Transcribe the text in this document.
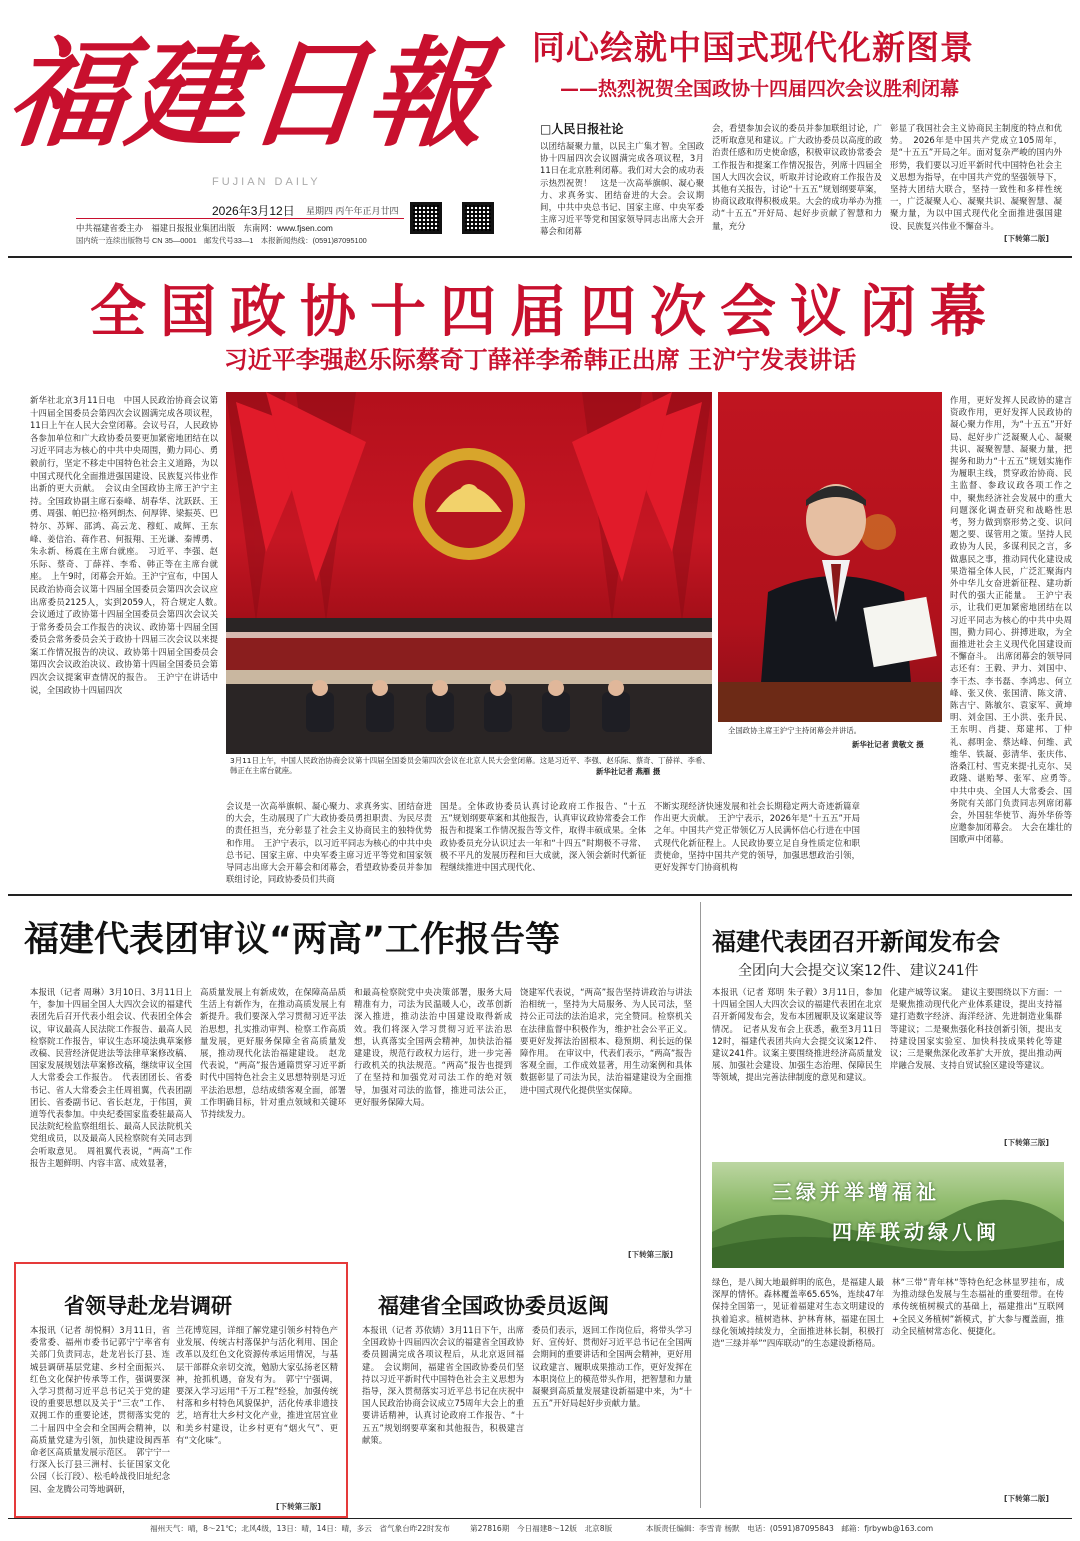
福建日報
FUJIAN DAILY
2026年3月12日 星期四 丙午年正月廿四
中共福建省委主办　福建日报报业集团出版　东南网：www.fjsen.com
国内统一连续出版物号 CN 35—0001　邮发代号33—1　本报新闻热线：(0591)87095100
同心绘就中国式现代化新图景
——热烈祝贺全国政协十四届四次会议胜利闭幕
□人民日报社论
以团结凝聚力量，以民主广集才智。全国政协十四届四次会议圆满完成各项议程，3月11日在北京胜利闭幕。我们对大会的成功表示热烈祝贺！　这是一次高举旗帜、凝心聚力、求真务实、团结奋进的大会。会议期间，中共中央总书记、国家主席、中央军委主席习近平等党和国家领导同志出席大会开幕会和闭幕
会，看望参加会议的委员并参加联组讨论，广泛听取意见和建议。广大政协委员以高度的政治责任感和历史使命感，积极审议政协常委会工作报告和提案工作情况报告，列席十四届全国人大四次会议，听取并讨论政府工作报告及其他有关报告，讨论“十五五”规划纲要草案，协商议政取得积极成果。大会的成功举办为推动“十五五”开好局、起好步贡献了智慧和力量，充分
彰显了我国社会主义协商民主制度的特点和优势。　2026年是中国共产党成立105周年，是“十五五”开局之年。面对复杂严峻的国内外形势，我们要以习近平新时代中国特色社会主义思想为指导，在中国共产党的坚强领导下，坚持大团结大联合，坚持一致性和多样性统一，广泛凝聚人心、凝聚共识、凝聚智慧、凝聚力量，为以中国式现代化全面推进强国建设、民族复兴伟业不懈奋斗。
[下转第二版]
全国政协十四届四次会议闭幕
习近平李强赵乐际蔡奇丁薛祥李希韩正出席 王沪宁发表讲话
新华社北京3月11日电　中国人民政治协商会议第十四届全国委员会第四次会议圆满完成各项议程，11日上午在人民大会堂闭幕。会议号召，人民政协各参加单位和广大政协委员要更加紧密地团结在以习近平同志为核心的中共中央周围，勤力同心、勇毅前行，坚定不移走中国特色社会主义道路，为以中国式现代化全面推进强国建设、民族复兴伟业作出新的更大贡献。　会议由全国政协主席王沪宁主持。全国政协副主席石泰峰、胡春华、沈跃跃、王勇、周强、帕巴拉·格列朗杰、何厚铧、梁振英、巴特尔、苏辉、邵鸿、高云龙、穆虹、咸辉、王东峰、姜信治、蒋作君、何报翔、王光谦、秦博勇、朱永新、杨震在主席台就座。　习近平、李强、赵乐际、蔡奇、丁薛祥、李希、韩正等在主席台就座。　上午9时，闭幕会开始。王沪宁宣布，中国人民政治协商会议第十四届全国委员会第四次会议应出席委员2125人，实到2059人，符合规定人数。　会议通过了政协第十四届全国委员会第四次会议关于常务委员会工作报告的决议、政协第十四届全国委员会常务委员会关于政协十四届三次会议以来提案工作情况报告的决议、政协第十四届全国委员会第四次会议政治决议、政协第十四届全国委员会第四次会议提案审查情况的报告。　王沪宁在讲话中说，全国政协十四届四次
3月11日上午，中国人民政治协商会议第十四届全国委员会第四次会议在北京人民大会堂闭幕。这是习近平、李强、赵乐际、蔡奇、丁薛祥、李希、韩正在主席台就座。	新华社记者 燕雁 摄
全国政协主席王沪宁主持闭幕会并讲话。
新华社记者 黄敬文 摄
作用，更好发挥人民政协的建言资政作用，更好发挥人民政协的凝心聚力作用，为“十五五”开好局、起好步广泛凝聚人心、凝聚共识、凝聚智慧、凝聚力量，把握务和助力“十五五”规划实施作为履职主线，贯穿政治协商、民主监督、参政议政各项工作之中，聚焦经济社会发展中的重大问题深化调查研究和战略性思考，努力做到察形势之变、识问题之要、谋管用之策。坚持人民政协为人民，多谋利民之言，多做惠民之事，推动同代化建设成果造福全体人民，广泛汇聚海内外中华儿女奋进新征程、建功新时代的强大正能量。　王沪宁表示，让我们更加紧密地团结在以习近平同志为核心的中共中央周围，勤力同心、拼搏进取，为全面推进社会主义现代化国建设而不懈奋斗。　出席闭幕会的领导同志还有：王毅、尹力、刘国中、李干杰、李书磊、李鸿忠、何立峰、张又侠、张国清、陈文清、陈吉宁、陈敏尔、袁家军、黄坤明、刘金国、王小洪、张升民、王东明、肖捷、郑建邦、丁仲礼、郝明金、蔡达峰、何维、武维华、铁凝、彭清华、张庆伟、洛桑江村、雪克来提·扎克尔、吴政隆、谌贻琴、张军、应勇等。　中共中央、全国人大常委会、国务院有关部门负责同志列席闭幕会，外国驻华使节、海外华侨等应邀参加闭幕会。　大会在雄壮的国歌声中闭幕。
会议是一次高举旗帜、凝心聚力、求真务实、团结奋进的大会，生动展现了广大政协委员勇担职责、为民尽责的责任担当，充分彰显了社会主义协商民主的独特优势和作用。　王沪宁表示，以习近平同志为核心的中共中央总书记、国家主席、中央军委主席习近平等党和国家领导同志出席大会开幕会和闭幕会，看望政协委员并参加联组讨论，同政协委员们共商
国是。全体政协委员认真讨论政府工作报告、“十五五”规划纲要草案和其他报告，认真审议政协常委会工作报告和提案工作情况报告等文件，取得丰硕成果。全体政协委员充分认识过去一年和“十四五”时期极不寻常、极不平凡的发展历程和巨大成就，深入领会新时代新征程继续推进中国式现代化、
不断实现经济快速发展和社会长期稳定两大奇迹新篇章作出更大贡献。　王沪宁表示，2026年是“十五五”开局之年。中国共产党正带领亿万人民满怀信心行进在中国式现代化新征程上。人民政协要立足自身性质定位和职责使命，坚持中国共产党的领导，加强思想政治引领，更好发挥专门协商机构
福建代表团审议“两高”工作报告等
本报讯（记者 周琳）3月10日、3月11日上午，参加十四届全国人大四次会议的福建代表团先后召开代表小组会议、代表团全体会议，审议最高人民法院工作报告、最高人民检察院工作报告，审议生态环境法典草案修改稿、民营经济促进法等法律草案修改稿、国家发展规划法草案修改稿，继续审议全国人大常委会工作报告。　代表团团长、省委书记、省人大常委会主任周祖翼，代表团副团长、省委副书记、省长赵龙，于伟国，黄道等代表参加。中央纪委国家监委驻最高人民法院纪检监察组组长、最高人民法院机关党组成员，以及最高人民检察院有关同志到会听取意见。　周祖翼代表说，“两高”工作报告主题鲜明、内容丰富、成效显著，
高质量发展上有新成效，在保障高品质生活上有新作为，在推动高质发展上有新提升。我们要深入学习贯彻习近平法治思想，扎实推动审判、检察工作高质量发展，更好服务保障全省高质量发展，推动现代化法治福建建设。　赵龙代表说，“两高”报告通篇贯穿习近平新时代中国特色社会主义思想特别是习近平法治思想，总结成绩客观全面，部署工作明确目标，针对重点领域和关键环节持续发力。
和最高检察院党中央决策部署，服务大局精准有力，司法为民温暖人心，改革创新深入推进，推动法治中国建设取得新成效。我们将深入学习贯彻习近平法治思想，认真落实全国两会精神，加快法治福建建设，规范行政权力运行，进一步完善行政机关的执法规范。“两高”报告也提到了在坚持和加强党对司法工作的绝对领导，加强对司法的监督，推进司法公正，更好服务保障大局。
饶建军代表说，“两高”报告坚持讲政治与讲法治相统一，坚持为大局服务、为人民司法，坚持公正司法的法治追求，完全赞同。检察机关在法律监督中积极作为，维护社会公平正义。要更好发挥法治固根本、稳预期、利长远的保障作用。　在审议中，代表们表示，“两高”报告客观全面，工作成效显著，用生动案例和具体数据彰显了司法为民，法治福建建设为全面推进中国式现代化提供坚实保障。
[下转第三版]
福建代表团召开新闻发布会
全团向大会提交议案12件、建议241件
本报讯（记者 郑明 朱子毅）3月11日，参加十四届全国人大四次会议的福建代表团在北京召开新闻发布会，发布本团履职及议案建议等情况。　记者从发布会上获悉，截至3月11日12时，福建代表团共向大会提交议案12件、建议241件。议案主要围绕推进经济高质量发展、加强社会建设、加强生态治理、保障民生等领域，提出完善法律制度的意见和建议。
化建产城等议案。　建议主要围绕以下方面：一是聚焦推动现代化产业体系建设，提出支持福建打造数字经济、海洋经济、先进制造业集群等建议；二是聚焦强化科技创新引领，提出支持建设国家实验室、加快科技成果转化等建议；三是聚焦深化改革扩大开放，提出推动两岸融合发展、支持自贸试验区建设等建议。
[下转第三版]
三绿并举增福祉
四库联动绿八闽
省领导赴龙岩调研
本报讯（记者 胡悦桐）3月11日，省委常委、福州市委书记郭宁宁率省有关部门负责同志，赴龙岩长汀县、连城县调研基层党建、乡村全面振兴、红色文化保护传承等工作，强调要深入学习贯彻习近平总书记关于党的建设的重要思想以及关于“三农”工作、双拥工作的重要论述，贯彻落实党的二十届四中全会和全国两会精神，以高质量党建为引领，加快建设闽西革命老区高质量发展示范区。　郭宁宁一行深入长汀县三洲村、长征国家文化公园（长汀段）、松毛岭战役旧址纪念园、金龙腾公司等地调研，
兰花博览园，详细了解党建引领乡村特色产业发展、传统古村落保护与活化利用、国企改革以及红色文化资源传承运用情况，与基层干部群众亲切交流，勉励大家弘扬老区精神，抢抓机遇，奋发有为。　郭宁宁强调，要深入学习运用“千万工程”经验，加强传统村落和乡村特色风貌保护，活化传承非遗技艺，培育壮大乡村文化产业，推进宜居宜业和美乡村建设，让乡村更有“烟火气”、更有“文化味”。
[下转第三版]
福建省全国政协委员返闽
本报讯（记者 苏依婧）3月11日下午，出席全国政协十四届四次会议的福建省全国政协委员圆满完成各项议程后，从北京返回福建。　会议期间，福建省全国政协委员们坚持以习近平新时代中国特色社会主义思想为指导，深入贯彻落实习近平总书记在庆祝中国人民政治协商会议成立75周年大会上的重要讲话精神，认真讨论政府工作报告、“十五五”规划纲要草案和其他报告，积极建言献策。
委员们表示，返回工作岗位后，将带头学习好、宣传好、贯彻好习近平总书记在全国两会期间的重要讲话和全国两会精神，更好用议政建言、履职成果推动工作，更好发挥在本职岗位上的模范带头作用，把智慧和力量凝聚到高质量发展建设新福建中来，为“十五五”开好局起好步贡献力量。
绿色，是八闽大地最鲜明的底色，是福建人最深厚的情怀。森林覆盖率65.65%，连续47年保持全国第一，见证着福建对生态文明建设的执着追求。植树造林、护林育林，福建在国土绿化领域持续发力，全面推进林长制，积极打造“三绿并举”“四库联动”的生态建设新格局。
林“三带”青年林“等特色纪念林显罗挂布，成为推动绿色发展与生态福祉的重要纽带。在传承传统植树模式的基础上，福建推出“互联网+全民义务植树”新模式，扩大参与覆盖面，推动全民植树常态化、便捷化。
[下转第二版]
福州天气：晴，8～21℃；北风4级，13日：晴，14日：晴，多云　省气象台昨22时发布	第27816期　今日福建8～12版　北京8版	本版责任编辑：李雪青 杨默　电话：(0591)87095843　邮箱：fjrbywb@163.com
